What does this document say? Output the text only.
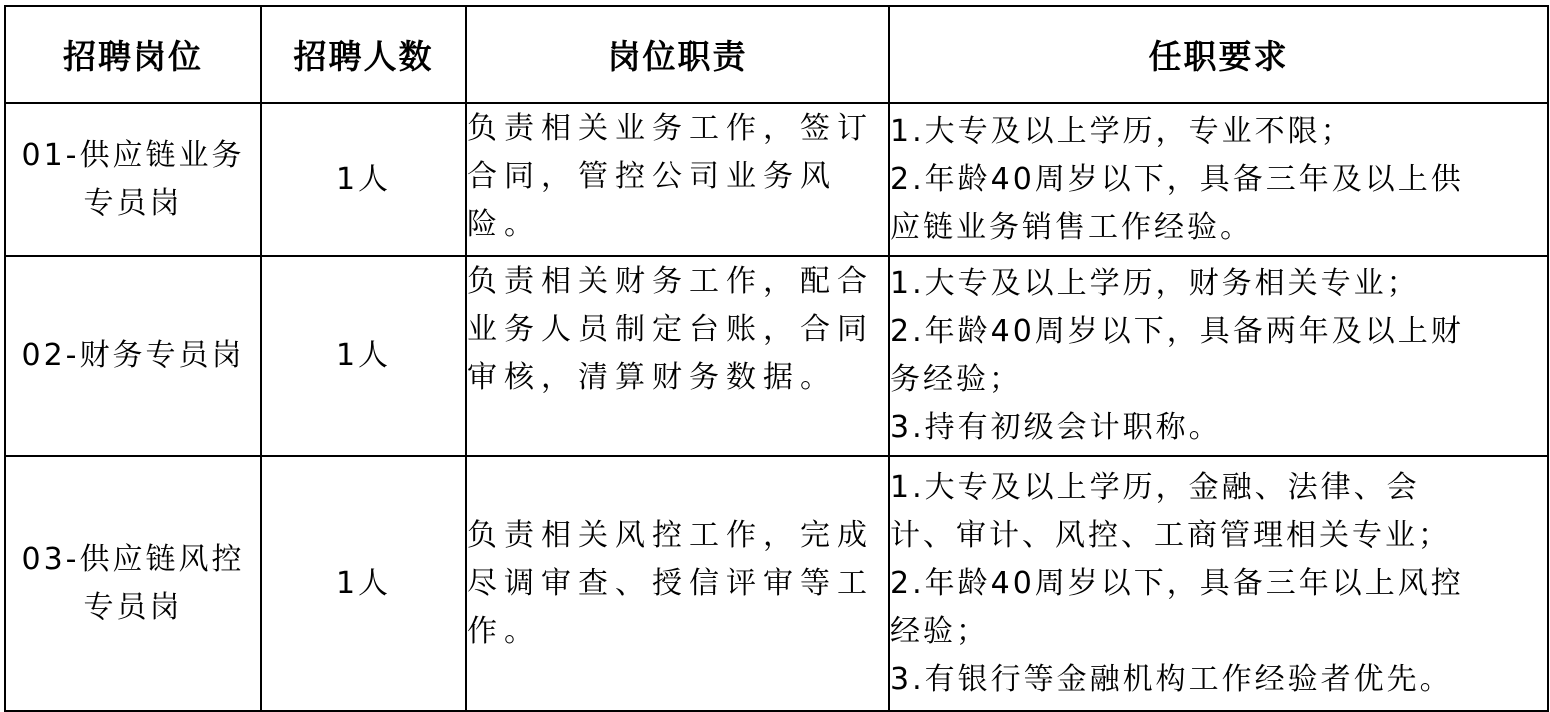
招聘岗位	招聘人数	岗位职责	任职要求

01-供应链业务
专员岗	1人	负责相关业务工作，签订合同，管控公司业务风险。	1.大专及以上学历，专业不限；
2.年龄40周岁以下，具备三年及以上供
应链业务销售工作经验。

02-财务专员岗	1人	负责相关财务工作，配合业务人员制定台账，合同审核，清算财务数据。	1.大专及以上学历，财务相关专业；
2.年龄40周岁以下，具备两年及以上财
务经验；
3.持有初级会计职称。

03-供应链风控
专员岗	1人	负责相关风控工作，完成尽调审查、授信评审等工作。	1.大专及以上学历，金融、法律、会
计、审计、风控、工商管理相关专业；
2.年龄40周岁以下，具备三年以上风控
经验；
3.有银行等金融机构工作经验者优先。
